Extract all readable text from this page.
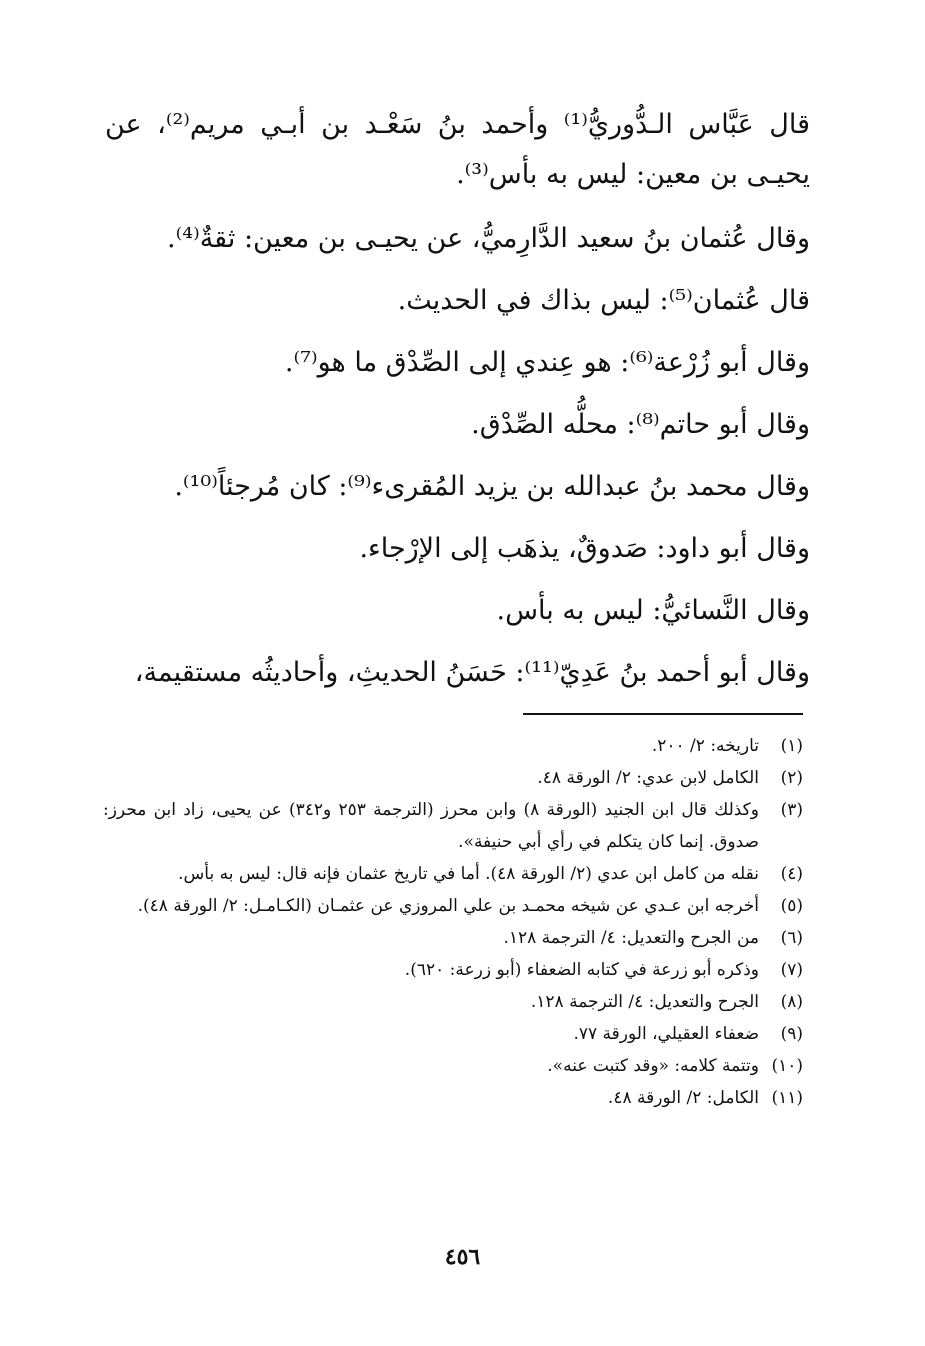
قال عَبَّاس الـدُّوريُّ⁽¹⁾ وأحمد بنُ سَعْـد بن أبـي مريم⁽²⁾، عن يحيـى بن معين: ليس به بأس⁽³⁾.

وقال عُثمان بنُ سعيد الدَّارِميُّ، عن يحيـى بن معين: ثقةٌ⁽⁴⁾.

قال عُثمان⁽⁵⁾: ليس بذاك في الحديث.

وقال أبو زُرْعة⁽⁶⁾: هو عِندي إلى الصِّدْق ما هو⁽⁷⁾.

وقال أبو حاتم⁽⁸⁾: محلُّه الصِّدْق.

وقال محمد بنُ عبدالله بن يزيد المُقرىء⁽⁹⁾: كان مُرجئاً⁽¹⁰⁾.

وقال أبو داود: صَدوقٌ، يذهَب إلى الإرْجاء.

وقال النَّسائيُّ: ليس به بأس.

وقال أبو أحمد بنُ عَدِيّ⁽¹¹⁾: حَسَنُ الحديثِ، وأحاديثُه مستقيمة،

(١)
تاريخه: ٢/ ٢٠٠.
(٢)
الكامل لابن عدي: ٢/ الورقة ٤٨.
(٣)
وكذلك قال ابن الجنيد (الورقة ٨) وابن محرز (الترجمة ٢٥٣ و٣٤٢) عن يحيى، زاد ابن محرز: صدوق. إنما كان يتكلم في رأي أبي حنيفة».
(٤)
نقله من كامل ابن عدي (٢/ الورقة ٤٨). أما في تاريخ عثمان فإنه قال: ليس به بأس.
(٥)
أخرجه ابن عـدي عن شيخه محمـد بن علي المروزي عن عثمـان (الكـامـل: ٢/ الورقة ٤٨).
(٦)
من الجرح والتعديل: ٤/ الترجمة ١٢٨.
(٧)
وذكره أبو زرعة في كتابه الضعفاء (أبو زرعة: ٦٢٠).
(٨)
الجرح والتعديل: ٤/ الترجمة ١٢٨.
(٩)
ضعفاء العقيلي، الورقة ٧٧.
(١٠)
وتتمة كلامه: «وقد كتبت عنه».
(١١)
الكامل: ٢/ الورقة ٤٨.
٤٥٦
